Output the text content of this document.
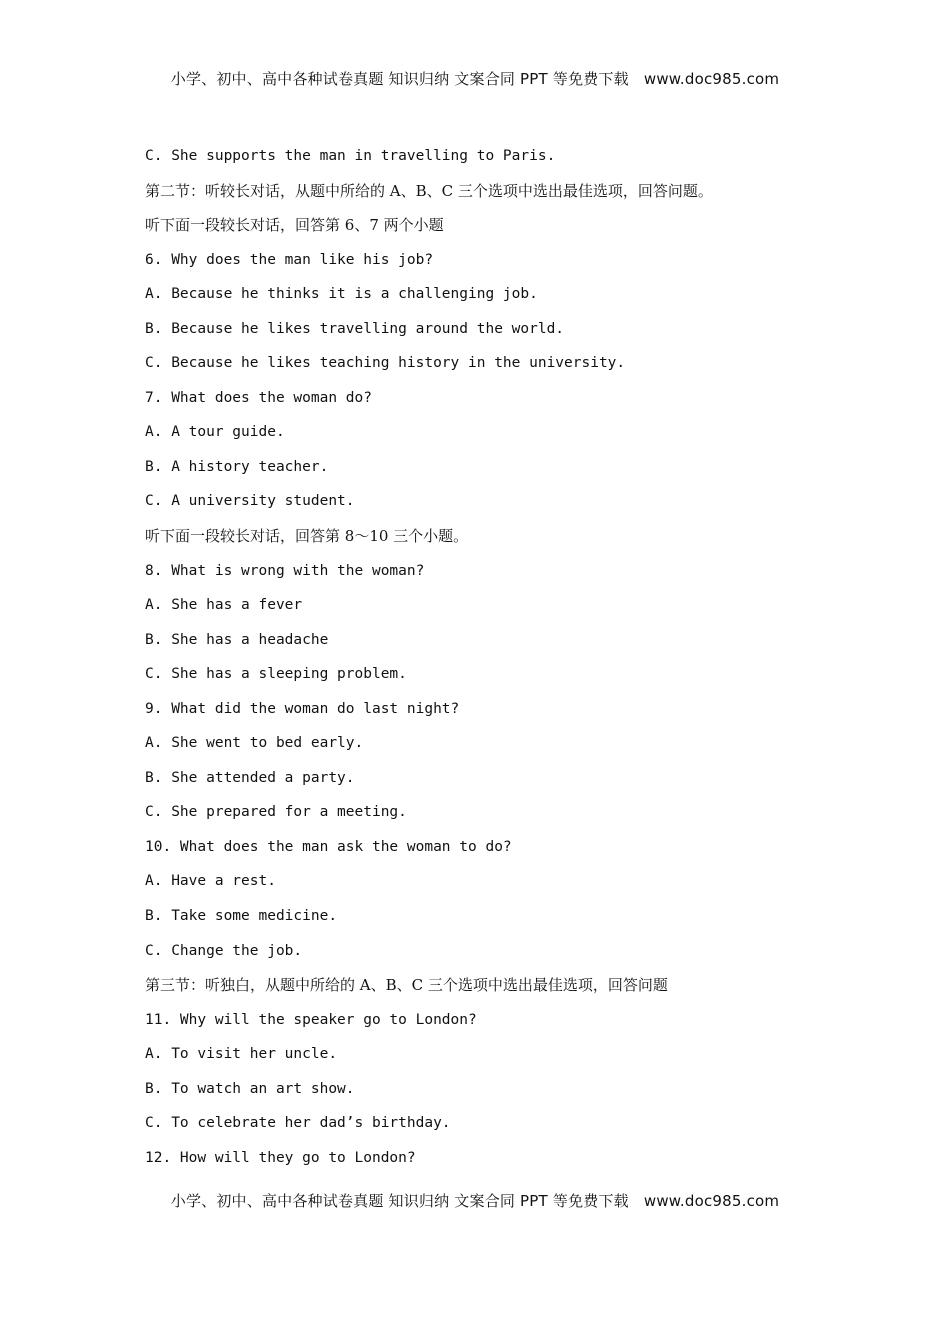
小学、初中、高中各种试卷真题 知识归纳 文案合同 PPT 等免费下载 www.doc985.com
C. She supports the man in travelling to Paris.
第二节：听较长对话，从题中所给的 A、B、C 三个选项中选出最佳选项，回答问题。
听下面一段较长对话，回答第 6、7 两个小题
6. Why does the man like his job?
A. Because he thinks it is a challenging job.
B. Because he likes travelling around the world.
C. Because he likes teaching history in the university.
7. What does the woman do?
A. A tour guide.
B. A history teacher.
C. A university student.
听下面一段较长对话，回答第 8～10 三个小题。
8. What is wrong with the woman?
A. She has a fever
B. She has a headache
C. She has a sleeping problem.
9. What did the woman do last night?
A. She went to bed early.
B. She attended a party.
C. She prepared for a meeting.
10. What does the man ask the woman to do?
A. Have a rest.
B. Take some medicine.
C. Change the job.
第三节：听独白，从题中所给的 A、B、C 三个选项中选出最佳选项，回答问题
11. Why will the speaker go to London?
A. To visit her uncle.
B. To watch an art show.
C. To celebrate her dad’s birthday.
12. How will they go to London?
小学、初中、高中各种试卷真题 知识归纳 文案合同 PPT 等免费下载 www.doc985.com
